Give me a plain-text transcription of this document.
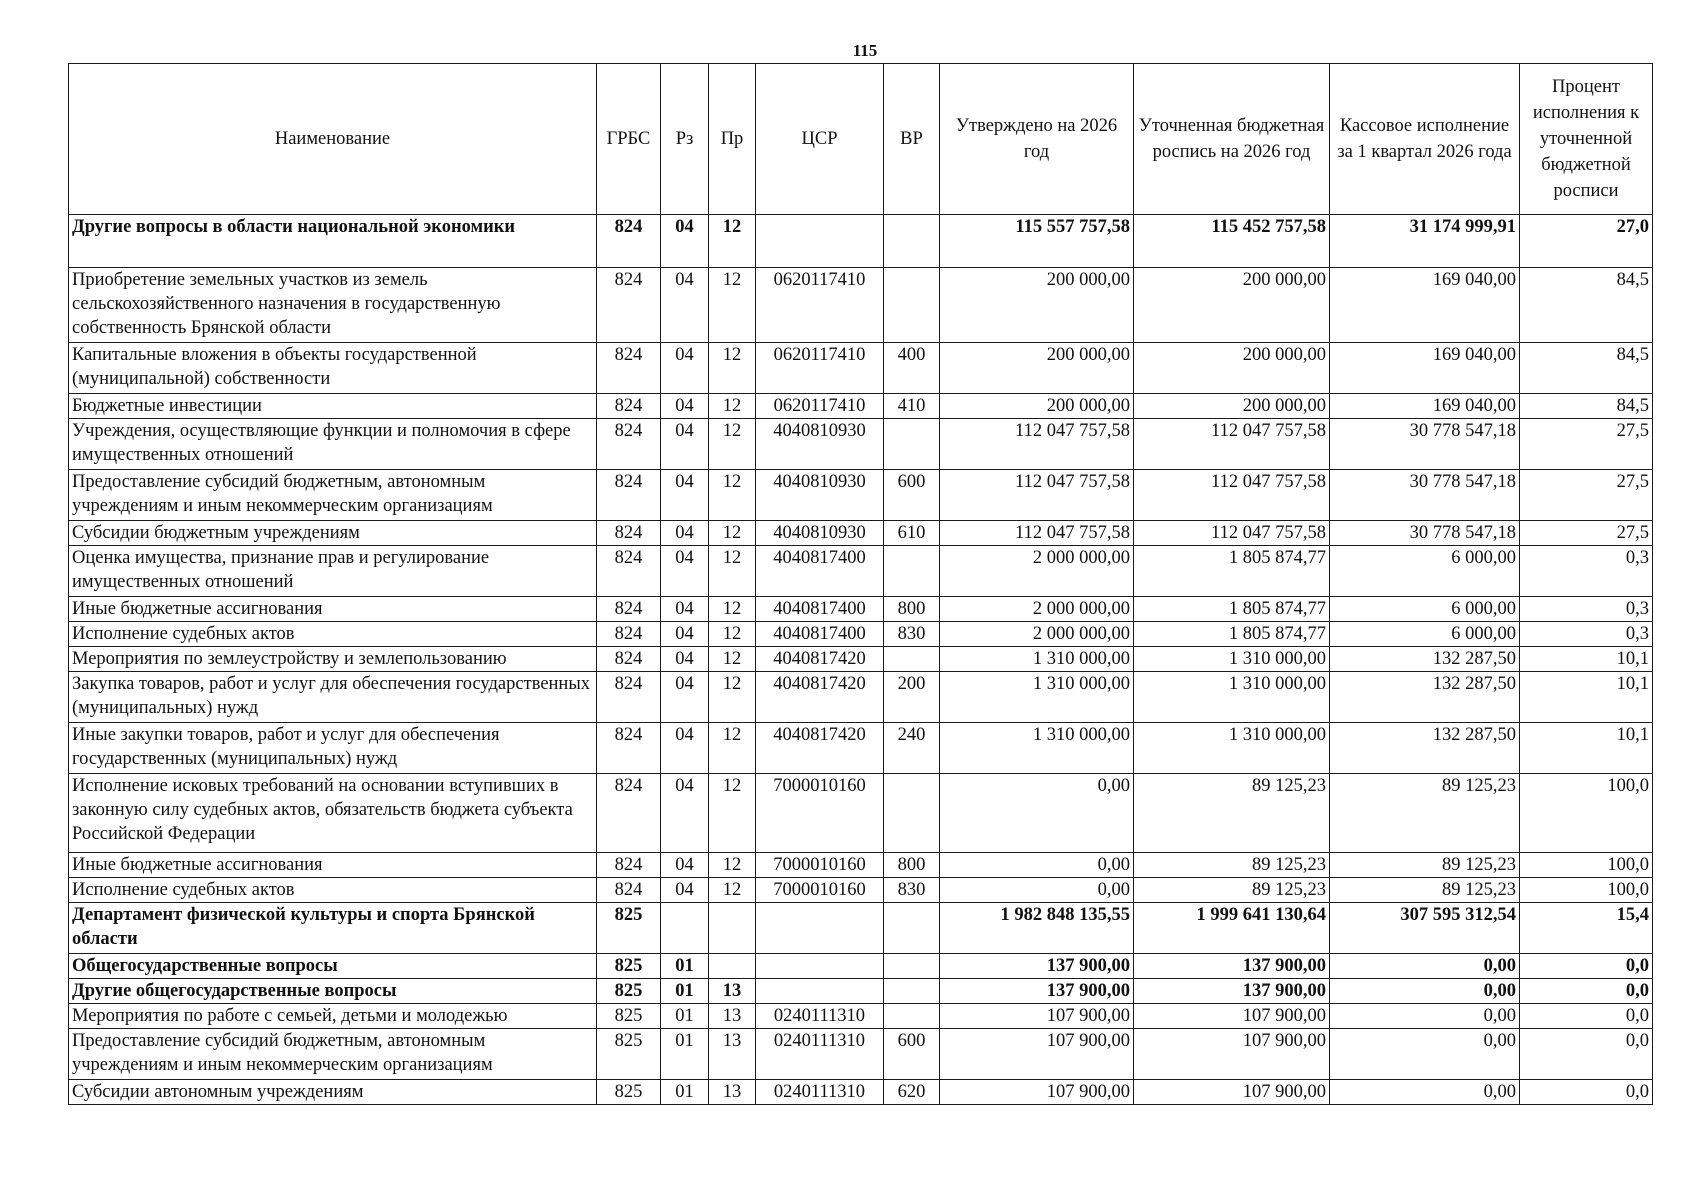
115
Наименование	ГРБС	Рз	Пр	ЦСР	ВР	Утверждено на 2026 год	Уточненная бюджетная роспись на 2026 год	Кассовое исполнение за 1 квартал 2026 года	Процент исполнения к уточненной бюджетной росписи
Другие вопросы в области национальной экономики	824	04	12			115 557 757,58	115 452 757,58	31 174 999,91	27,0
Приобретение земельных участков из земель сельскохозяйственного назначения в государственную собственность Брянской области	824	04	12	0620117410		200 000,00	200 000,00	169 040,00	84,5
Капитальные вложения в объекты государственной (муниципальной) собственности	824	04	12	0620117410	400	200 000,00	200 000,00	169 040,00	84,5
Бюджетные инвестиции	824	04	12	0620117410	410	200 000,00	200 000,00	169 040,00	84,5
Учреждения, осуществляющие функции и полномочия в сфере имущественных отношений	824	04	12	4040810930		112 047 757,58	112 047 757,58	30 778 547,18	27,5
Предоставление субсидий бюджетным, автономным учреждениям и иным некоммерческим организациям	824	04	12	4040810930	600	112 047 757,58	112 047 757,58	30 778 547,18	27,5
Субсидии бюджетным учреждениям	824	04	12	4040810930	610	112 047 757,58	112 047 757,58	30 778 547,18	27,5
Оценка имущества, признание прав и регулирование имущественных отношений	824	04	12	4040817400		2 000 000,00	1 805 874,77	6 000,00	0,3
Иные бюджетные ассигнования	824	04	12	4040817400	800	2 000 000,00	1 805 874,77	6 000,00	0,3
Исполнение судебных актов	824	04	12	4040817400	830	2 000 000,00	1 805 874,77	6 000,00	0,3
Мероприятия по землеустройству и землепользованию	824	04	12	4040817420		1 310 000,00	1 310 000,00	132 287,50	10,1
Закупка товаров, работ и услуг для обеспечения государственных (муниципальных) нужд	824	04	12	4040817420	200	1 310 000,00	1 310 000,00	132 287,50	10,1
Иные закупки товаров, работ и услуг для обеспечения государственных (муниципальных) нужд	824	04	12	4040817420	240	1 310 000,00	1 310 000,00	132 287,50	10,1
Исполнение исковых требований на основании вступивших в законную силу судебных актов, обязательств бюджета субъекта Российской Федерации	824	04	12	7000010160		0,00	89 125,23	89 125,23	100,0
Иные бюджетные ассигнования	824	04	12	7000010160	800	0,00	89 125,23	89 125,23	100,0
Исполнение судебных актов	824	04	12	7000010160	830	0,00	89 125,23	89 125,23	100,0
Департамент физической культуры и спорта Брянской области	825					1 982 848 135,55	1 999 641 130,64	307 595 312,54	15,4
Общегосударственные вопросы	825	01				137 900,00	137 900,00	0,00	0,0
Другие общегосударственные вопросы	825	01	13			137 900,00	137 900,00	0,00	0,0
Мероприятия по работе с семьей, детьми и молодежью	825	01	13	0240111310		107 900,00	107 900,00	0,00	0,0
Предоставление субсидий бюджетным, автономным учреждениям и иным некоммерческим организациям	825	01	13	0240111310	600	107 900,00	107 900,00	0,00	0,0
Субсидии автономным учреждениям	825	01	13	0240111310	620	107 900,00	107 900,00	0,00	0,0
